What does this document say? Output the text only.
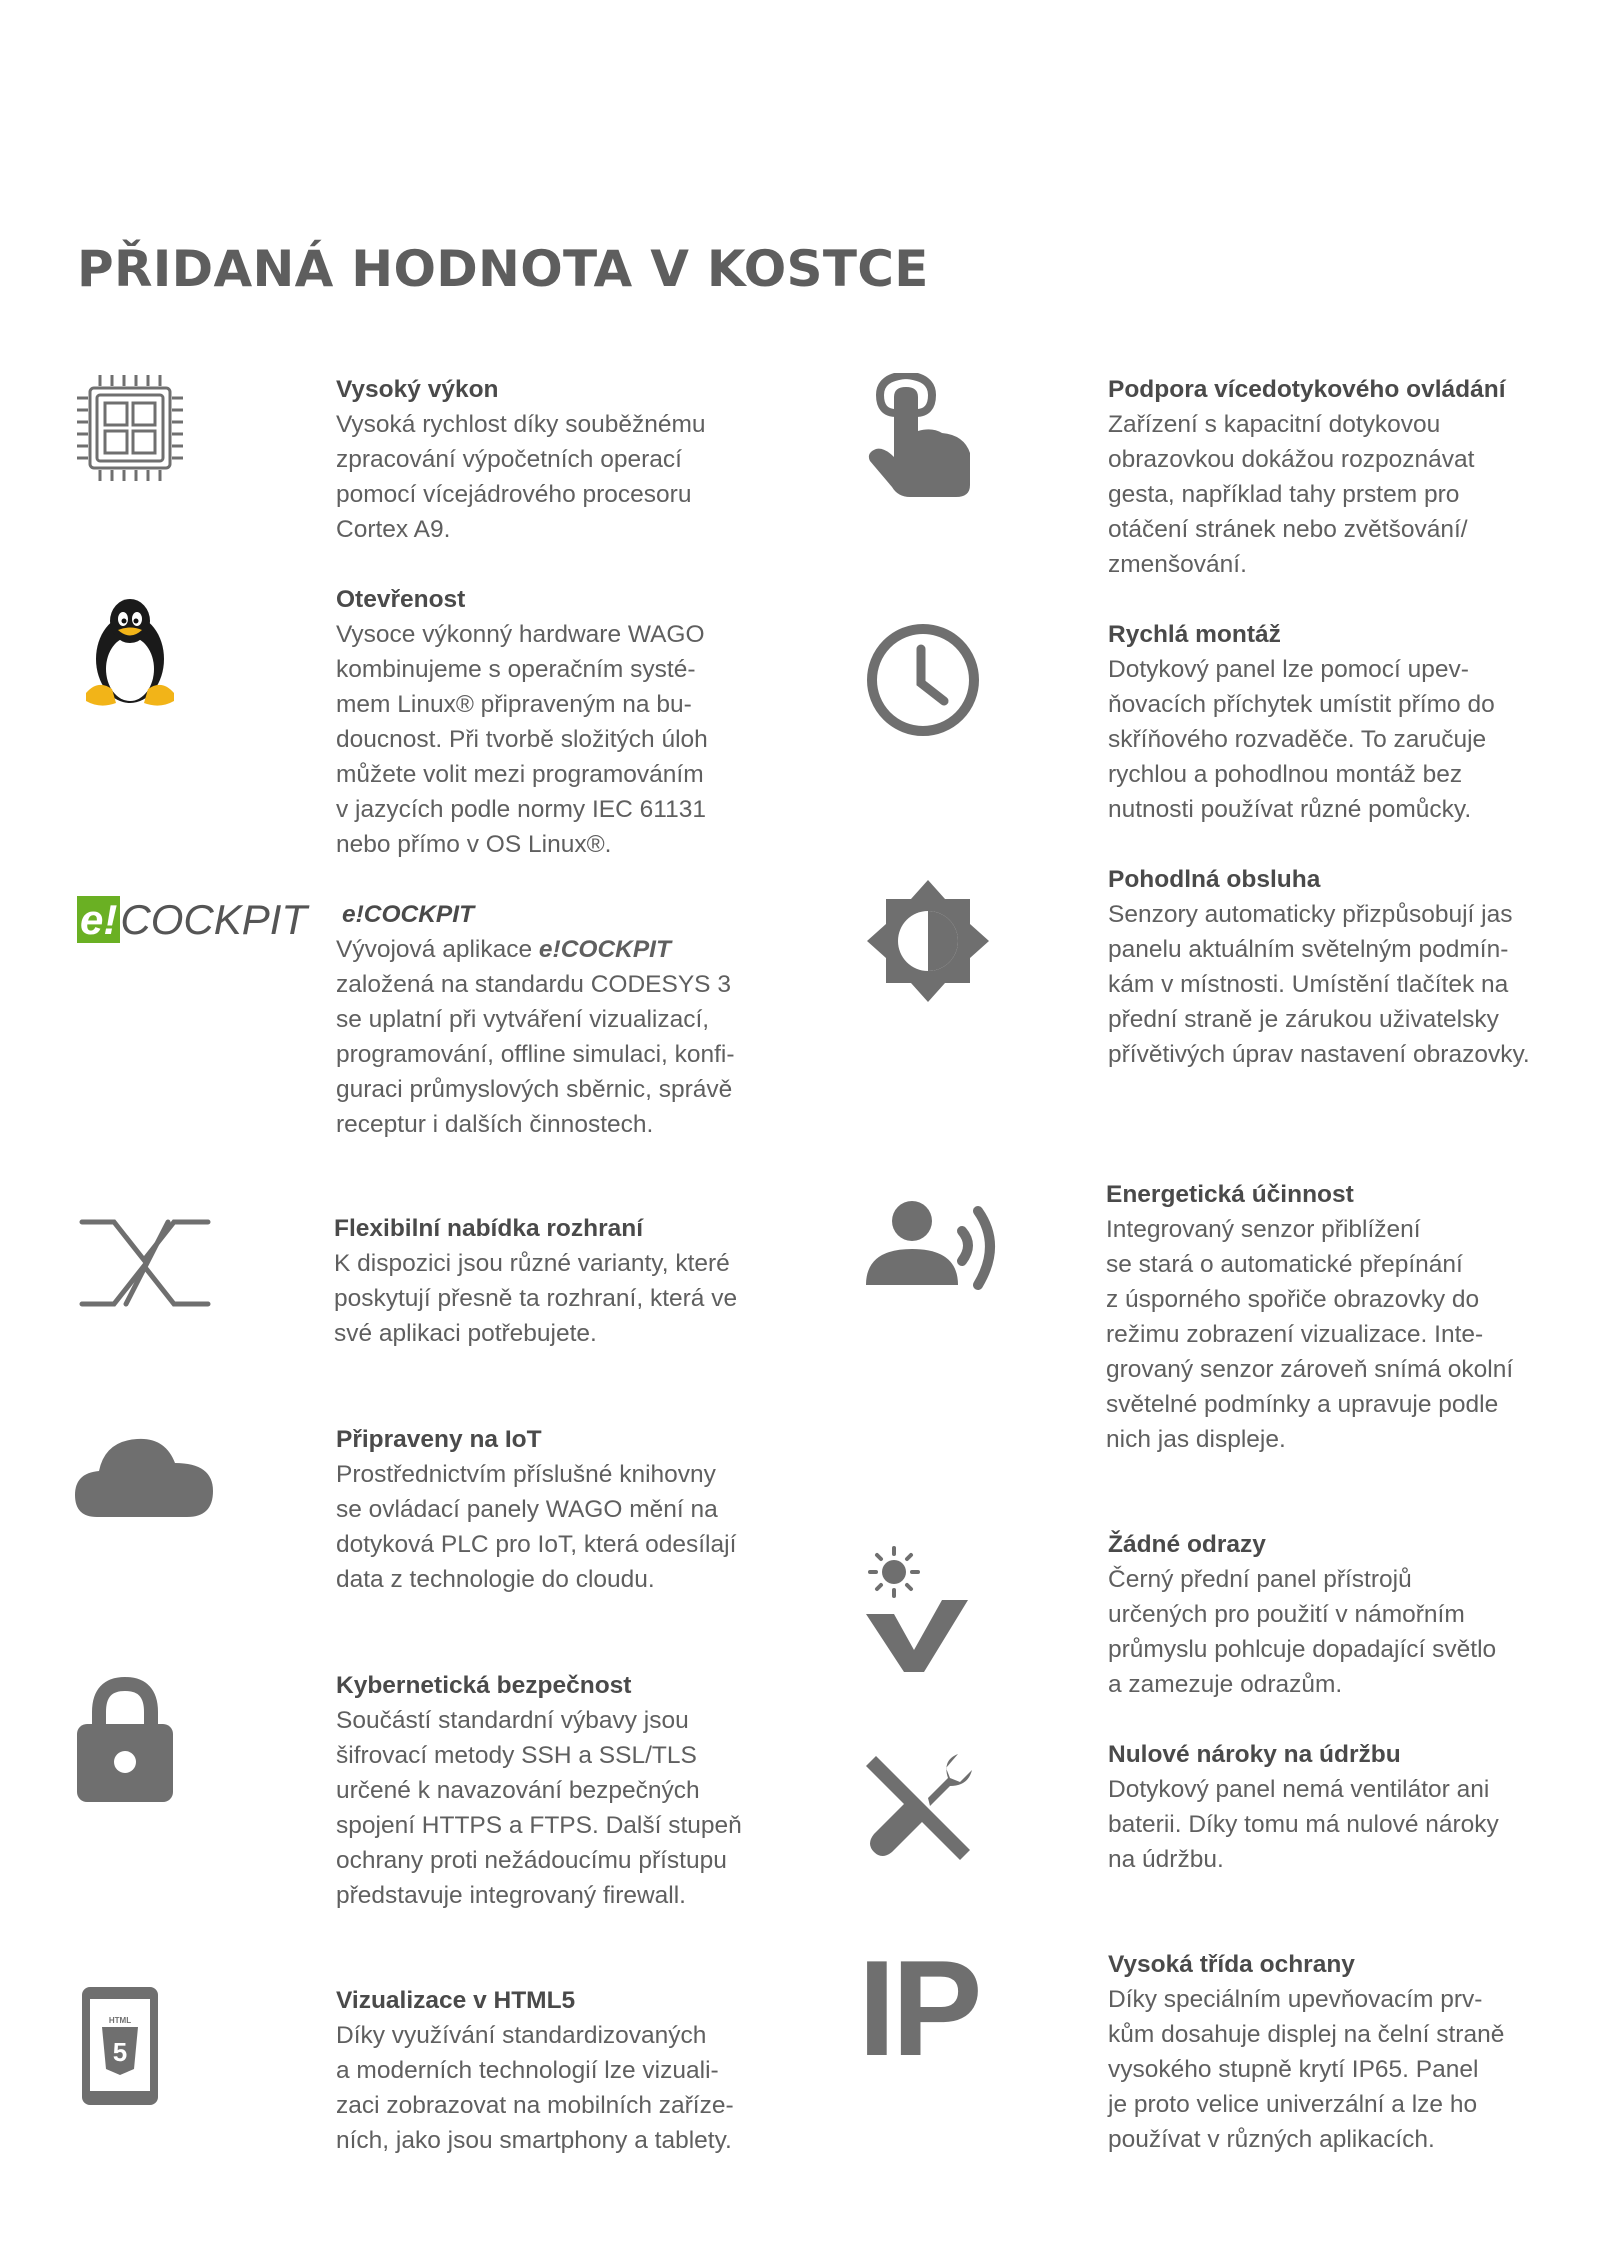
PŘIDANÁ HODNOTA V KOSTCE
e!COCKPIT
HTML
5	IP
Vysoký výkon

Vysoká rychlost díky souběžnému
zpracování výpočetních operací
pomocí vícejádrového procesoru
Cortex A9.

Otevřenost

Vysoce výkonný hardware WAGO
kombinujeme s operačním systé-
mem Linux® připraveným na bu-
doucnost. Při tvorbě složitých úloh
můžete volit mezi programováním
v jazycích podle normy IEC 61131
nebo přímo v OS Linux®.

e!COCKPIT

Vývojová aplikace e!COCKPIT
založená na standardu CODESYS 3
se uplatní při vytváření vizualizací,
programování, offline simulaci, konfi-
guraci průmyslových sběrnic, správě
receptur i dalších činnostech.

Flexibilní nabídka rozhraní

K dispozici jsou různé varianty, které
poskytují přesně ta rozhraní, která ve
své aplikaci potřebujete.

Připraveny na IoT

Prostřednictvím příslušné knihovny
se ovládací panely WAGO mění na
dotyková PLC pro IoT, která odesílají
data z technologie do cloudu.

Kybernetická bezpečnost

Součástí standardní výbavy jsou
šifrovací metody SSH a SSL/TLS
určené k navazování bezpečných
spojení HTTPS a FTPS. Další stupeň
ochrany proti nežádoucímu přístupu
představuje integrovaný firewall.

Vizualizace v HTML5

Díky využívání standardizovaných
a moderních technologií lze vizuali-
zaci zobrazovat na mobilních zaříze-
ních, jako jsou smartphony a tablety.

Podpora vícedotykového ovládání

Zařízení s kapacitní dotykovou
obrazovkou dokážou rozpoznávat
gesta, například tahy prstem pro
otáčení stránek nebo zvětšování/
zmenšování.

Rychlá montáž

Dotykový panel lze pomocí upev-
ňovacích příchytek umístit přímo do
skříňového rozvaděče. To zaručuje
rychlou a pohodlnou montáž bez
nutnosti používat různé pomůcky.

Pohodlná obsluha

Senzory automaticky přizpůsobují jas
panelu aktuálním světelným podmín-
kám v místnosti. Umístění tlačítek na
přední straně je zárukou uživatelsky
přívětivých úprav nastavení obrazovky.

Energetická účinnost

Integrovaný senzor přiblížení
se stará o automatické přepínání
z úsporného spořiče obrazovky do
režimu zobrazení vizualizace. Inte-
grovaný senzor zároveň snímá okolní
světelné podmínky a upravuje podle
nich jas displeje.

Žádné odrazy

Černý přední panel přístrojů
určených pro použití v námořním
průmyslu pohlcuje dopadající světlo
a zamezuje odrazům.

Nulové nároky na údržbu

Dotykový panel nemá ventilátor ani
baterii. Díky tomu má nulové nároky
na údržbu.

Vysoká třída ochrany

Díky speciálním upevňovacím prv-
kům dosahuje displej na čelní straně
vysokého stupně krytí IP65. Panel
je proto velice univerzální a lze ho
používat v různých aplikacích.
